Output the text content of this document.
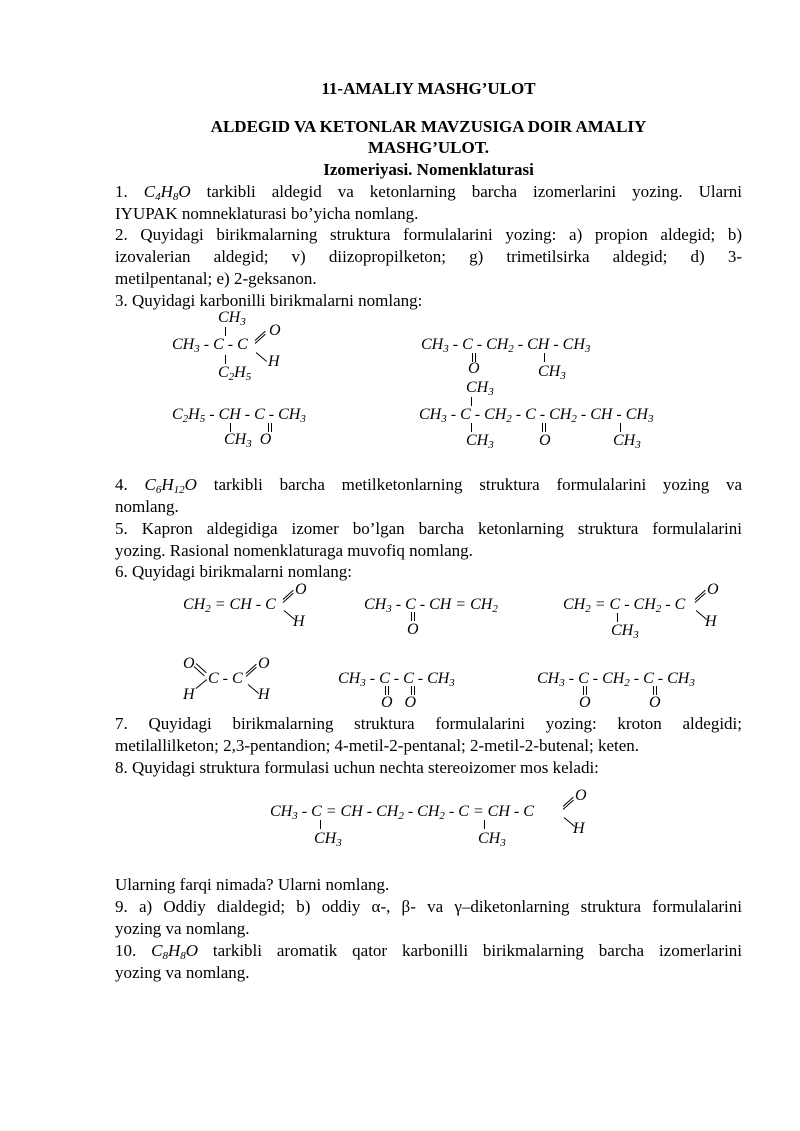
11-AMALIY MASHG’ULOT
ALDEGID VA KETONLAR MAVZUSIGA DOIR AMALIY
MASHG’ULOT.
Izomeriyasi. Nomenklaturasi
1. $C_4H_8O$ tarkibli aldegid va ketonlarning barcha izomerlarini yozing. Ularni
IYUPAK nomneklaturasi bo’yicha nomlang.
2. Quyidagi birikmalarning struktura formulalarini yozing: a) propion aldegid; b)
izovalerian aldegid; v) diizopropilketon; g) trimetilsirka aldegid; d) 3-
metilpentanal; e) 2-geksanon.
3. Quyidagi karbonilli birikmalarni nomlang:
$CH_3$
$CH_3$ - C - C
O
H
$C_2H_5$
$CH_3$ - C - $CH_2$ - CH - $CH_3$
O	$CH_3$
$C_2H_5$ - CH - C - $CH_3$
$CH_3$  O
$CH_3$
$CH_3$ - C - $CH_2$ - C - $CH_2$ - CH - $CH_3$
$CH_3$	O	$CH_3$
4. $C_6H_{12}O$ tarkibli barcha metilketonlarning struktura formulalarini yozing va
nomlang.
5. Kapron aldegidiga izomer bo’lgan barcha ketonlarning struktura formulalarini
yozing. Rasional nomenklaturaga muvofiq nomlang.
6. Quyidagi birikmalarni nomlang:
$CH_2$ = CH - C
O
H
$CH_3$ - C - CH = $CH_2$
O
$CH_2 = C - CH_2 - C$
O
H
$CH_3$
O
C - C
O
H	H
$CH_3$ - C - C - $CH_3$
O   O
$CH_3$ - C - $CH_2$ - C - $CH_3$
O	O
7. Quyidagi birikmalarning struktura formulalarini yozing: kroton aldegidi;
metilallilketon; 2,3-pentandion; 4-metil-2-pentanal; 2-metil-2-butenal; keten.
8. Quyidagi struktura formulasi uchun nechta stereoizomer mos keladi:
$CH_3$ - C = CH - $CH_2 - CH_2$ - C = CH - C
O
H
$CH_3$	$CH_3$
Ularning farqi nimada? Ularni nomlang.
9. a) Oddiy dialdegid; b) oddiy α-, β- va γ–diketonlarning struktura formulalarini
yozing va nomlang.
10. $C_8H_8O$ tarkibli aromatik qator karbonilli birikmalarning barcha izomerlarini
yozing va nomlang.
